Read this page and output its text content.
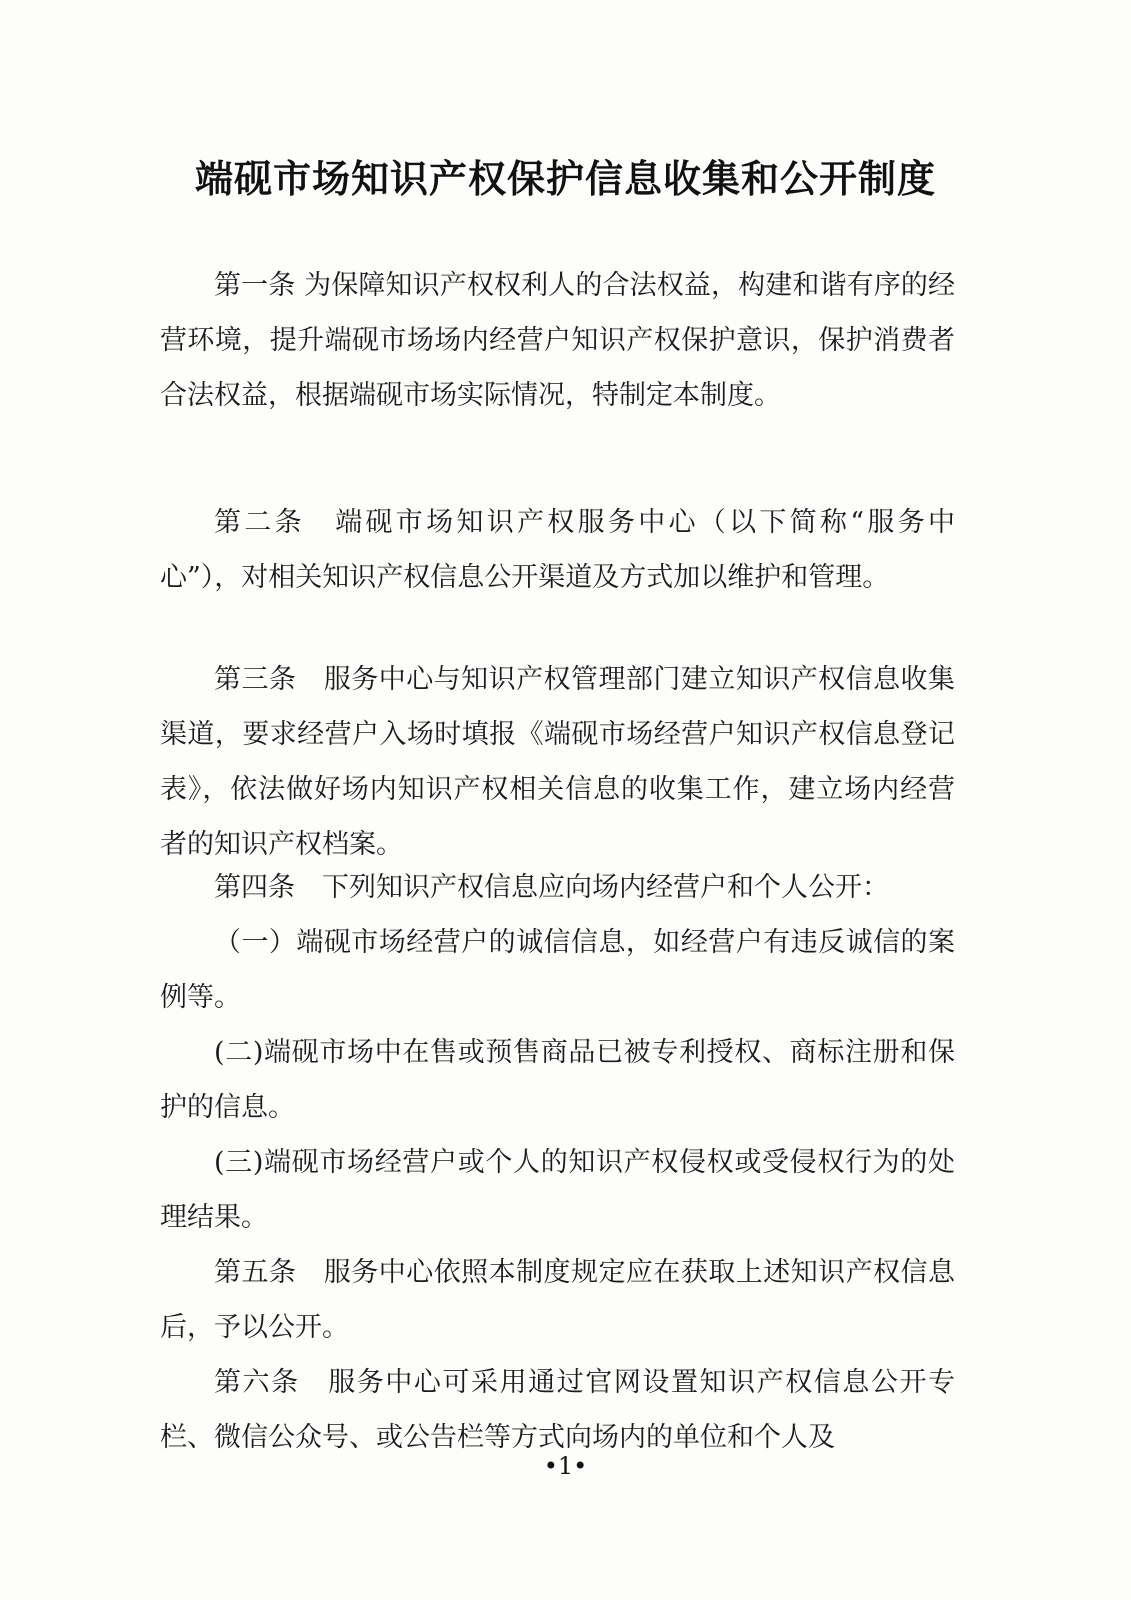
端砚市场知识产权保护信息收集和公开制度

第一条 为保障知识产权权利人的合法权益，构建和谐有序的经营环境，提升端砚市场场内经营户知识产权保护意识，保护消费者合法权益，根据端砚市场实际情况，特制定本制度。

第二条　端砚市场知识产权服务中心（以下简称“服务中心”），对相关知识产权信息公开渠道及方式加以维护和管理。

第三条　服务中心与知识产权管理部门建立知识产权信息收集渠道，要求经营户入场时填报《端砚市场经营户知识产权信息登记表》，依法做好场内知识产权相关信息的收集工作，建立场内经营者的知识产权档案。

第四条　下列知识产权信息应向场内经营户和个人公开：

（一）端砚市场经营户的诚信信息，如经营户有违反诚信的案例等。

(二)端砚市场中在售或预售商品已被专利授权、商标注册和保护的信息。

(三)端砚市场经营户或个人的知识产权侵权或受侵权行为的处理结果。

第五条　服务中心依照本制度规定应在获取上述知识产权信息后，予以公开。

第六条　服务中心可采用通过官网设置知识产权信息公开专栏、微信公众号、或公告栏等方式向场内的单位和个人及

•1•
